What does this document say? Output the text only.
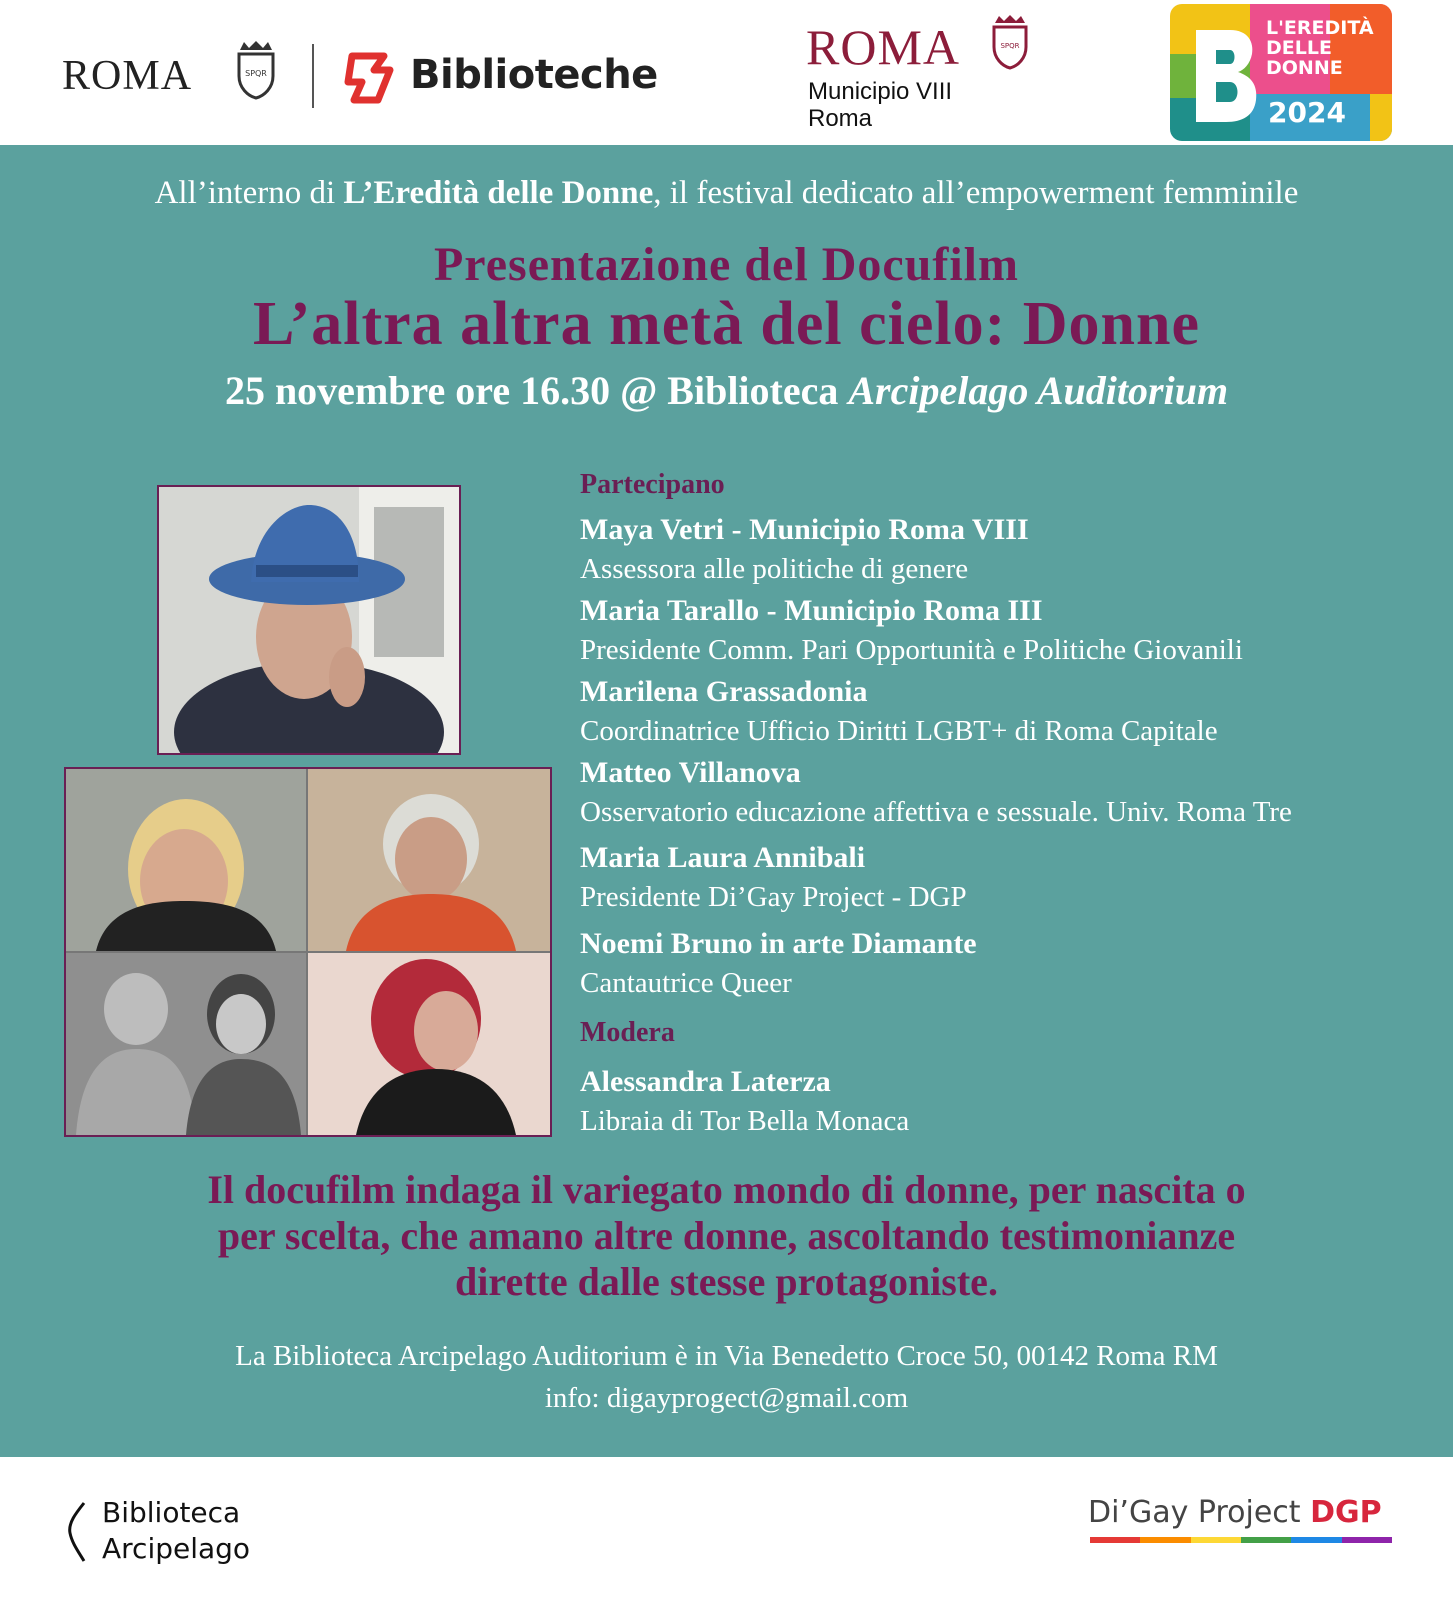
ROMA	SPQR	Biblioteche	ROMA	SPQR
Municipio VIII
Roma
L'EREDITÀ
DELLE
DONNE
2024
All’interno di L’Eredità delle Donne, il festival dedicato all’empowerment femminile
Presentazione del Docufilm
L’altra altra metà del cielo: Donne
25 novembre ore 16.30 @ Biblioteca Arcipelago Auditorium
Partecipano
Maya Vetri - Municipio Roma VIII
Assessora alle politiche di genere
Maria Tarallo - Municipio Roma III
Presidente Comm. Pari Opportunità e Politiche Giovanili
Marilena Grassadonia
Coordinatrice Ufficio Diritti LGBT+ di Roma Capitale
Matteo Villanova
Osservatorio educazione affettiva e sessuale. Univ. Roma Tre
Maria Laura Annibali
Presidente Di’Gay Project - DGP
Noemi Bruno in arte Diamante
Cantautrice Queer
Modera
Alessandra Laterza
Libraia di Tor Bella Monaca
Il docufilm indaga il variegato mondo di donne, per nascita o
per scelta, che amano altre donne, ascoltando testimonianze
dirette dalle stesse protagoniste.
La Biblioteca Arcipelago Auditorium è in Via Benedetto Croce 50, 00142 Roma RM
info: digayprogect@gmail.com
Biblioteca
Arcipelago
Di’Gay Project DGP
